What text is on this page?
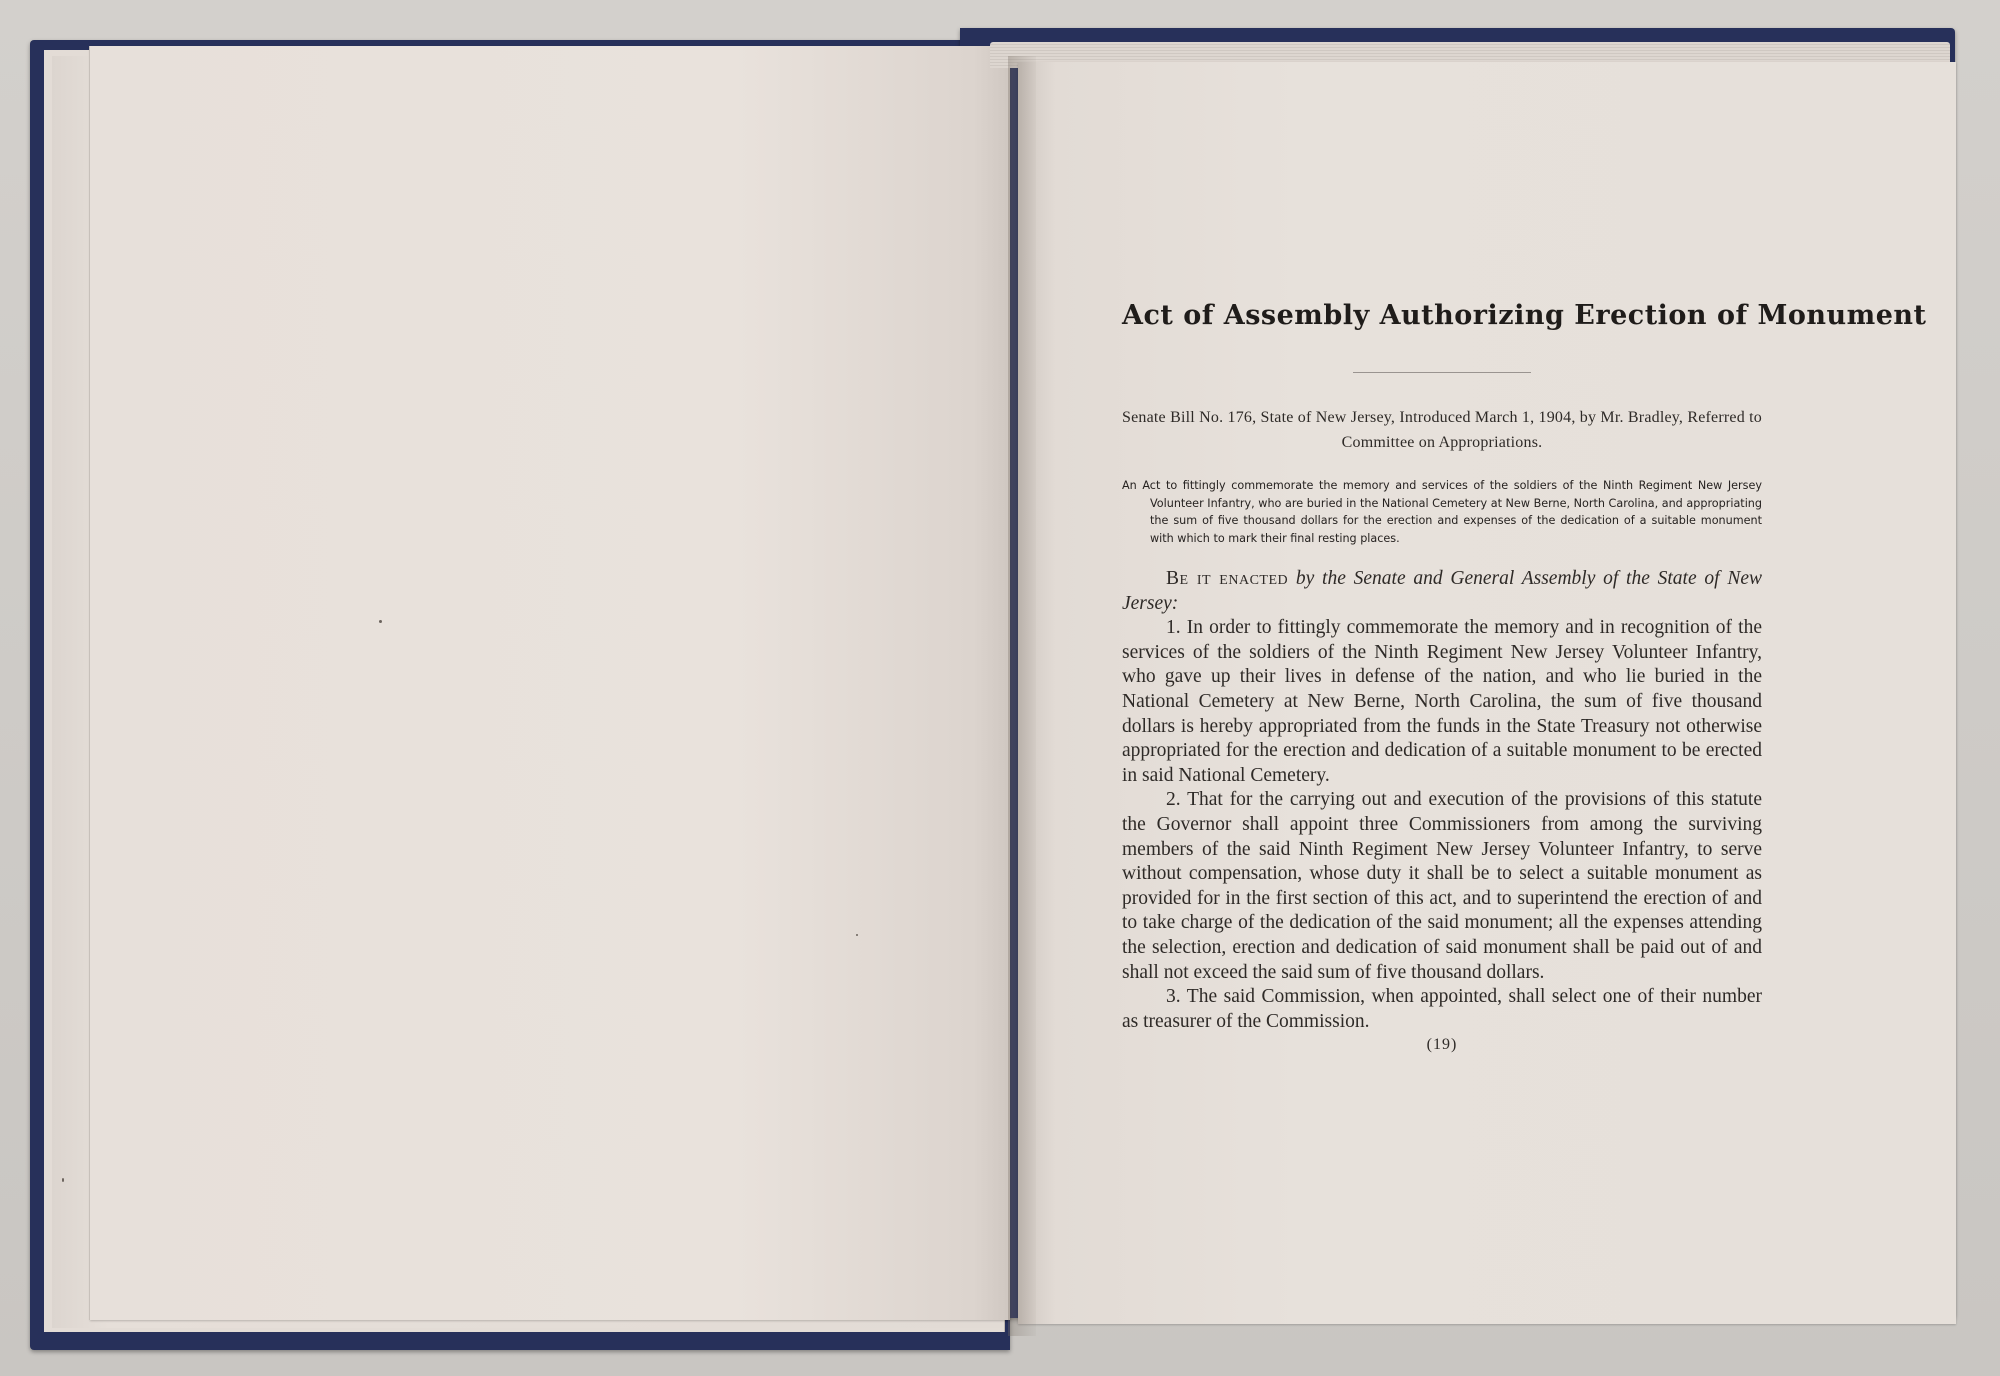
Act of Assembly Authorizing Erection of Monument

Senate Bill No. 176, State of New Jersey, Introduced March 1, 1904, by Mr. Bradley, Referred to Committee on Appropriations.

An Act to fittingly commemorate the memory and services of the soldiers of the Ninth Regiment New Jersey Volunteer Infantry, who are buried in the National Cemetery at New Berne, North Carolina, and appropriating the sum of five thousand dollars for the erection and expenses of the dedication of a suitable monument with which to mark their final resting places.

Be it enacted by the Senate and General Assembly of the State of New Jersey:

1. In order to fittingly commemorate the memory and in recognition of the services of the soldiers of the Ninth Regiment New Jersey Volunteer Infantry, who gave up their lives in defense of the nation, and who lie buried in the National Cemetery at New Berne, North Carolina, the sum of five thousand dollars is hereby appropriated from the funds in the State Treasury not otherwise appropriated for the erection and dedication of a suitable monument to be erected in said National Cemetery.

2. That for the carrying out and execution of the provisions of this statute the Governor shall appoint three Commissioners from among the surviving members of the said Ninth Regiment New Jersey Volunteer Infantry, to serve without compensation, whose duty it shall be to select a suitable monument as provided for in the first section of this act, and to superintend the erection of and to take charge of the dedication of the said monument; all the expenses attending the selection, erection and dedication of said monument shall be paid out of and shall not exceed the said sum of five thousand dollars.

3. The said Commission, when appointed, shall select one of their number as treasurer of the Commission.

(19)
